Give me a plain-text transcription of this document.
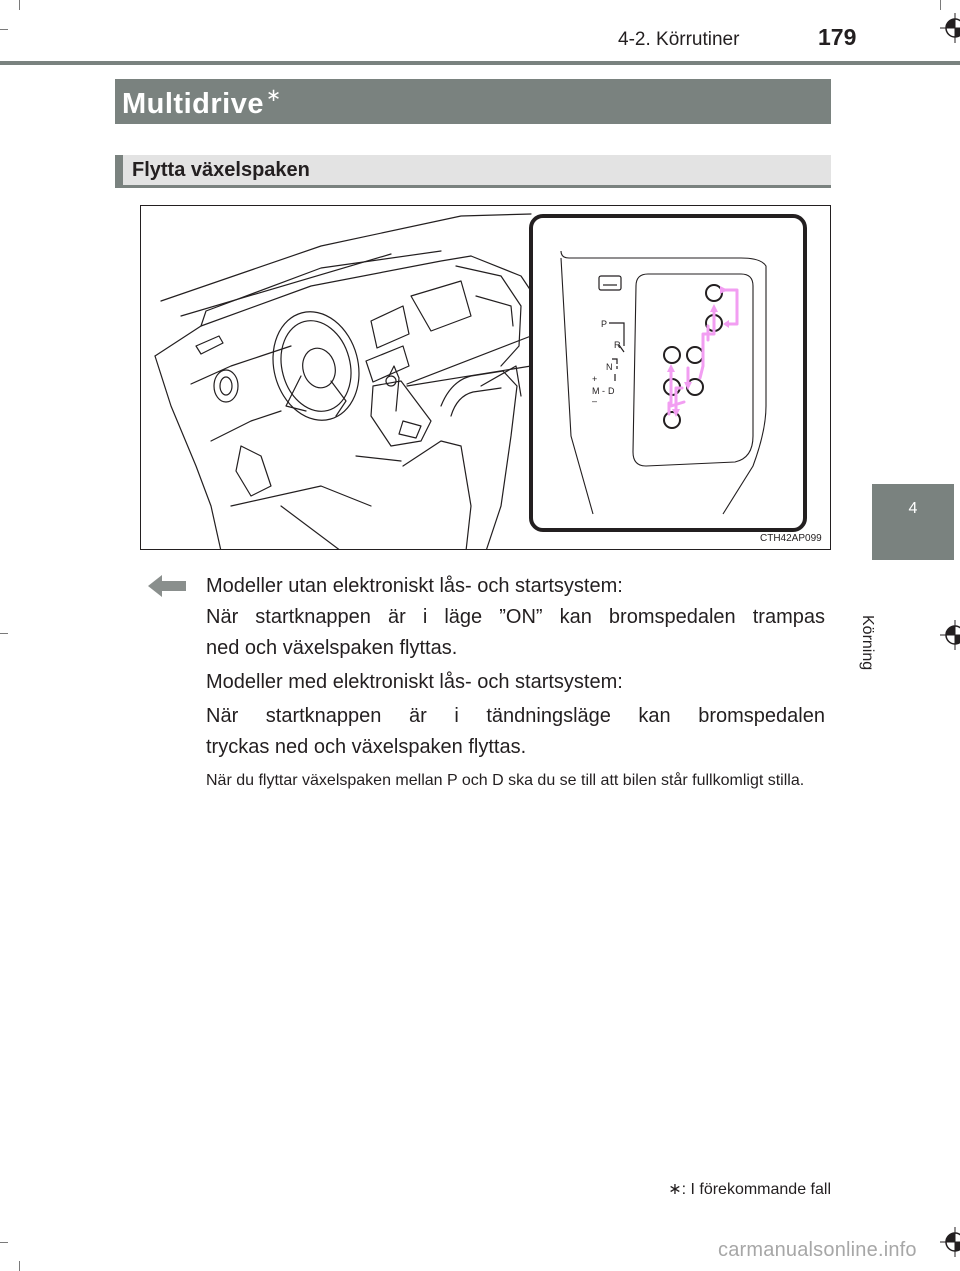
4-2. Körrutiner	179
Multidrive ∗
Flytta växelspaken
P
R
N
+
M - D
–
CTH42AP099
4
Körning
Modeller utan elektroniskt lås- och startsystem:
När startknappen är i läge ”ON” kan bromspedalen trampas
ned och växelspaken flyttas.
Modeller med elektroniskt lås- och startsystem:
När startknappen är i tändningsläge kan bromspedalen
tryckas ned och växelspaken flyttas.
När du flyttar växelspaken mellan P och D ska du se till att bilen står fullkomligt stilla.
∗: I förekommande fall
carmanualsonline.info
